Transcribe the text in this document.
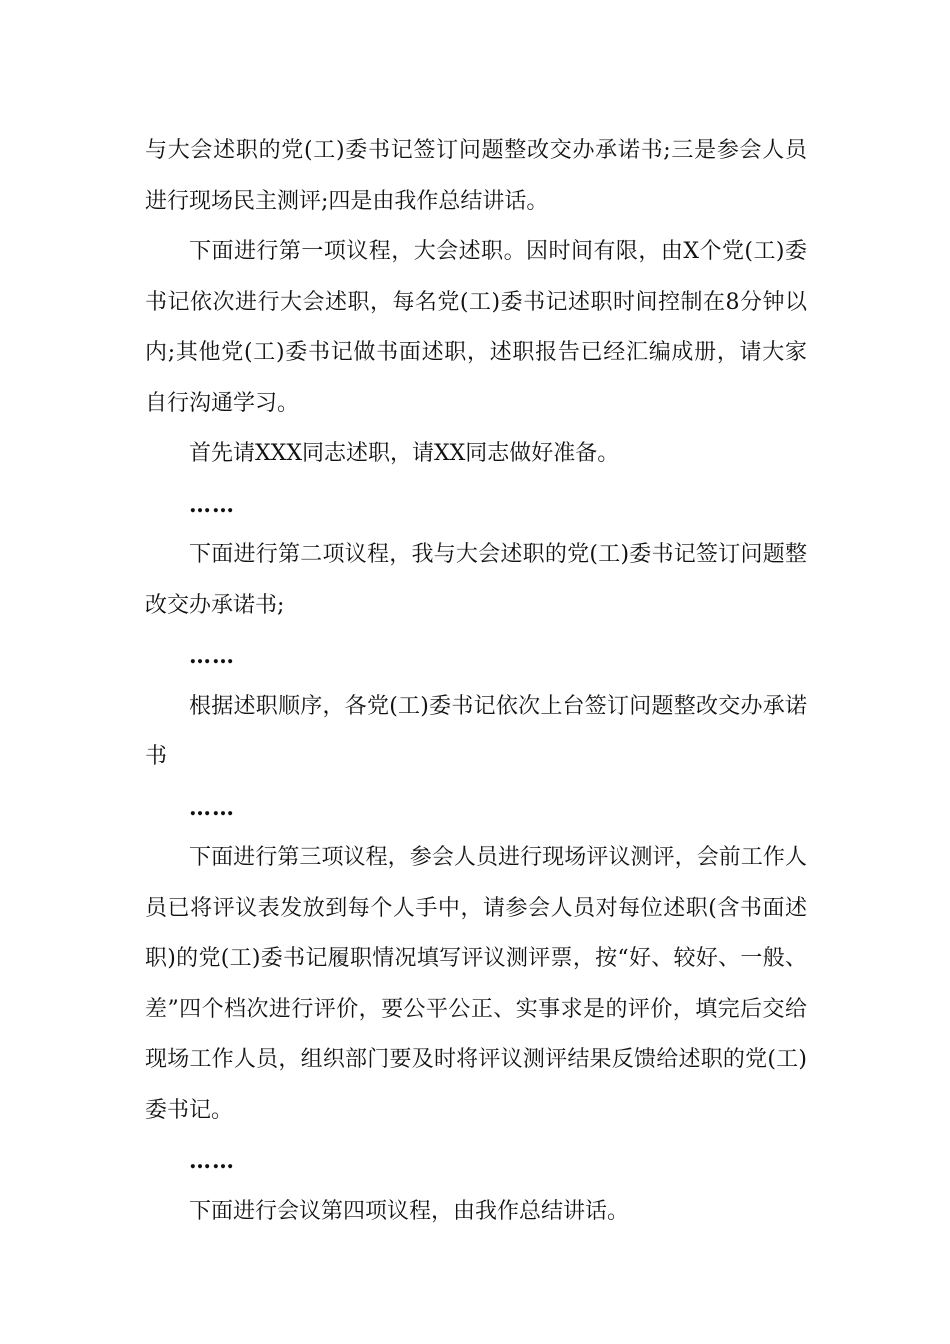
与大会述职的党(工)委书记签订问题整改交办承诺书;三是参会人员进行现场民主测评;四是由我作总结讲话。

下面进行第一项议程，大会述职。因时间有限，由X个党(工)委书记依次进行大会述职，每名党(工)委书记述职时间控制在8分钟以内;其他党(工)委书记做书面述职，述职报告已经汇编成册，请大家自行沟通学习。

首先请XXX同志述职，请XX同志做好准备。

……

下面进行第二项议程，我与大会述职的党(工)委书记签订问题整改交办承诺书;

……

根据述职顺序，各党(工)委书记依次上台签订问题整改交办承诺书

……

下面进行第三项议程，参会人员进行现场评议测评，会前工作人员已将评议表发放到每个人手中，请参会人员对每位述职(含书面述职)的党(工)委书记履职情况填写评议测评票，按“好、较好、一般、差”四个档次进行评价，要公平公正、实事求是的评价，填完后交给现场工作人员，组织部门要及时将评议测评结果反馈给述职的党(工)委书记。

……

下面进行会议第四项议程，由我作总结讲话。
